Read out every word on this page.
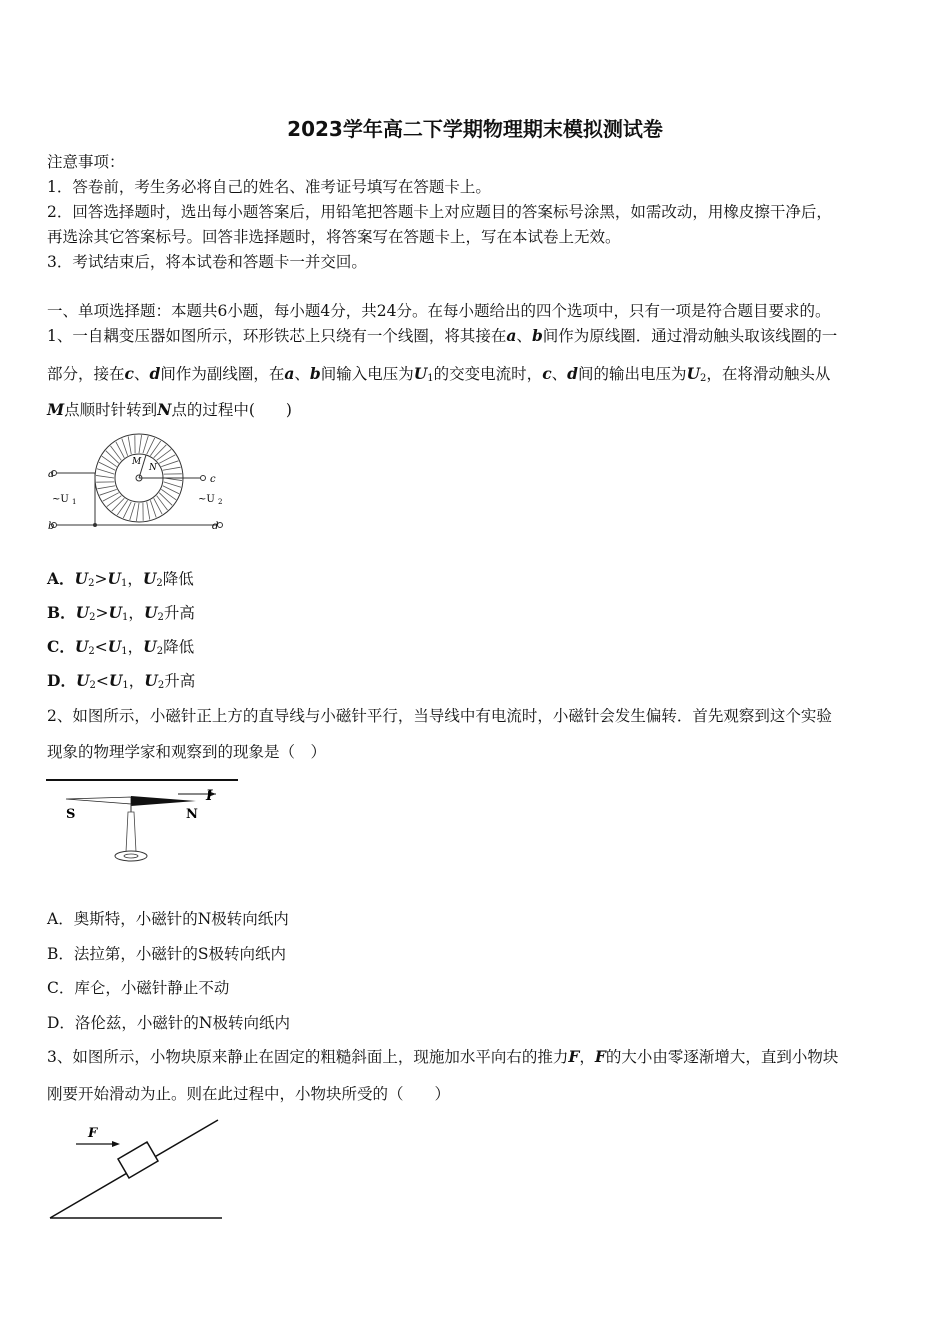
2023学年高二下学期物理期末模拟测试卷
注意事项：
1．答卷前，考生务必将自己的姓名、准考证号填写在答题卡上。
2．回答选择题时，选出每小题答案后，用铅笔把答题卡上对应题目的答案标号涂黑，如需改动，用橡皮擦干净后，
再选涂其它答案标号。回答非选择题时，将答案写在答题卡上，写在本试卷上无效。
3．考试结束后，将本试卷和答题卡一并交回。
一、单项选择题：本题共6小题，每小题4分，共24分。在每小题给出的四个选项中，只有一项是符合题目要求的。
1、一自耦变压器如图所示，环形铁芯上只绕有一个线圈，将其接在a、b间作为原线圈．通过滑动触头取该线圈的一
部分，接在c、d间作为副线圈，在a、b间输入电压为$U_1$的交变电流时，c、d间的输出电压为$U_2$，在将滑动触头从
M点顺时针转到N点的过程中(　　)
a
b
c
d
~U 1	~U 2
M
N
A．$U_2>U_1$，$U_2$降低
B．$U_2>U_1$，$U_2$升高
C．$U_2<U_1$，$U_2$降低
D．$U_2<U_1$，$U_2$升高
2、如图所示，小磁针正上方的直导线与小磁针平行，当导线中有电流时，小磁针会发生偏转．首先观察到这个实验
现象的物理学家和观察到的现象是（　）
I
S	N
A．奥斯特，小磁针的N极转向纸内
B．法拉第，小磁针的S极转向纸内
C．库仑，小磁针静止不动
D．洛伦兹，小磁针的N极转向纸内
3、如图所示，小物块原来静止在固定的粗糙斜面上，现施加水平向右的推力F，F的大小由零逐渐增大，直到小物块
刚要开始滑动为止。则在此过程中，小物块所受的（　　）
F
